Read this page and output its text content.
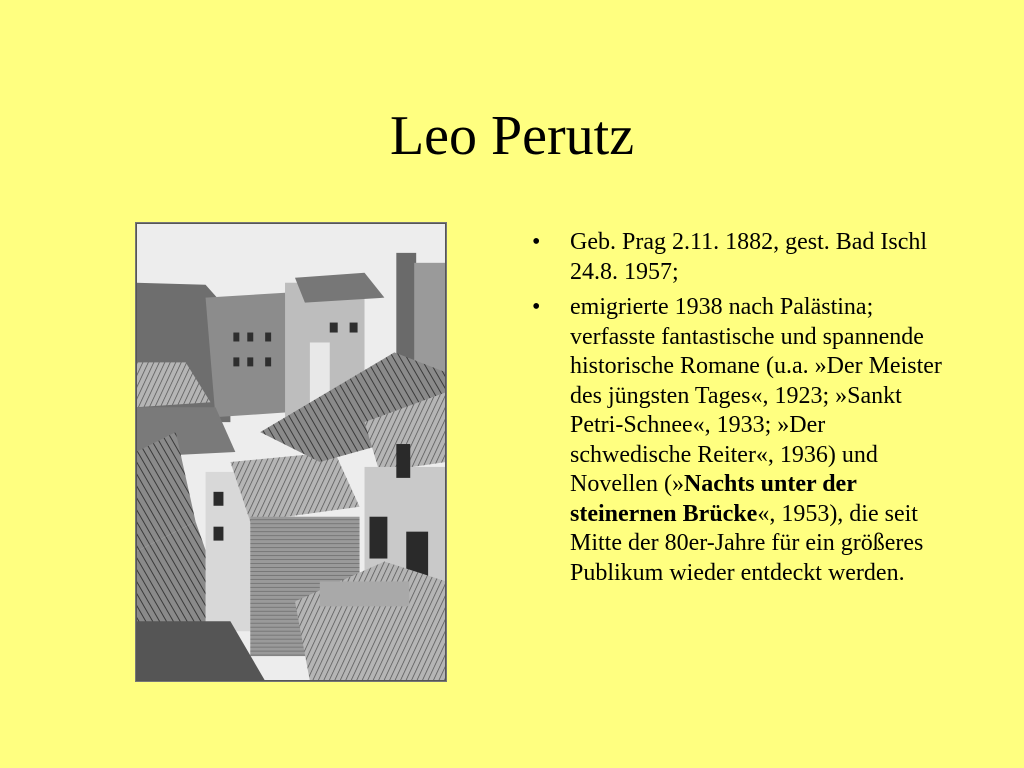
Leo Perutz
• Geb. Prag 2.11. 1882, gest. Bad Ischl 24.8. 1957;
• emigrierte 1938 nach Palästina; verfasste fantastische und spannende historische Romane (u.a. »Der Meister des jüngsten Tages«, 1923; »Sankt Petri-Schnee«, 1933; »Der schwedische Reiter«, 1936) und Novellen (»Nachts unter der steinernen Brücke«, 1953), die seit Mitte der 80er-Jahre für ein größeres Publikum wieder entdeckt werden.
